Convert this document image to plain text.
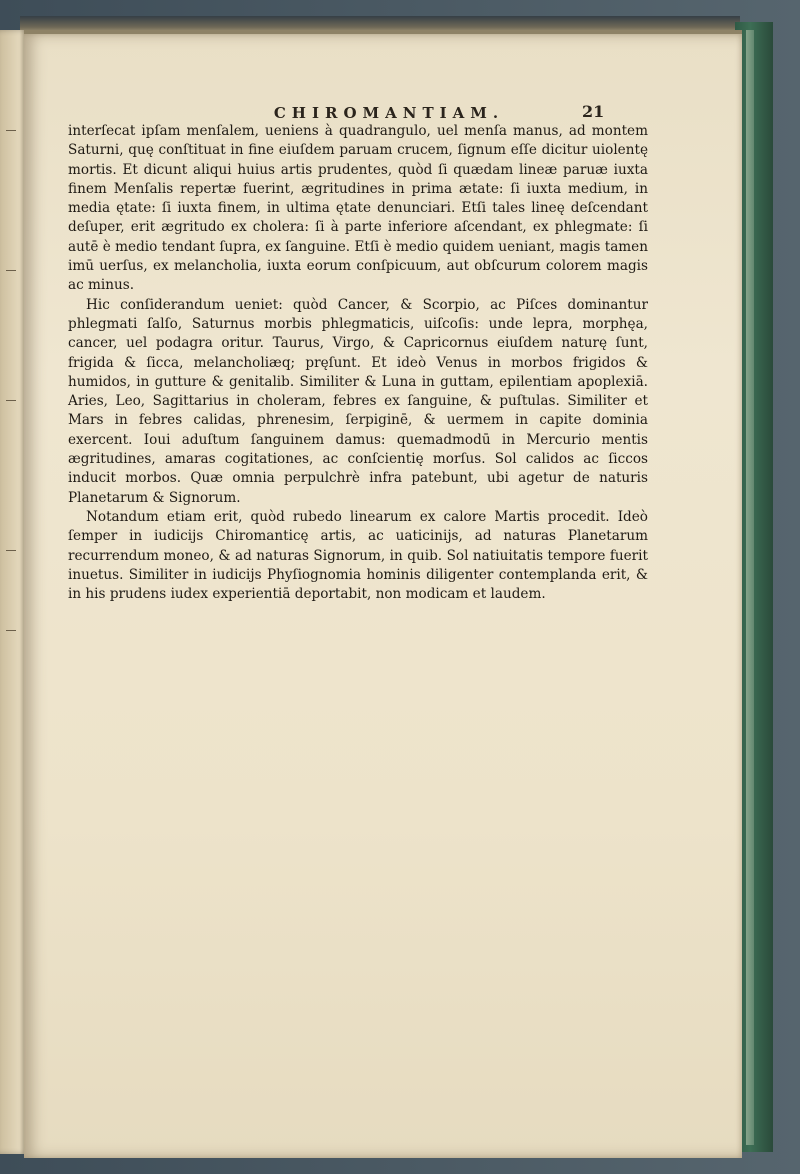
CHIROMANTIAM.	21

interſecat ipſam menſalem, ueniens à quadrangulo, uel menſa manus, ad montem Saturni, quę conſtituat in fine eiuſdem paruam crucem, ſignum eſſe dicitur uiolentę mortis. Et dicunt aliqui huius artis prudentes, quòd ſi quædam lineæ paruæ iuxta finem Menſalis repertæ fuerint, ægritudines in prima ætate: ſi iuxta medium, in media ętate: ſi iuxta finem, in ultima ętate denunciari. Etſi tales lineę deſcendant deſuper, erit ægritudo ex cholera: ſi à parte inferiore aſcendant, ex phlegmate: ſi autē è medio tendant ſupra, ex ſanguine. Etſi è medio quidem ueniant, magis tamen imū uerſus, ex melancholia, iuxta eorum conſpicuum, aut obſcurum colorem magis ac minus.

Hic conſiderandum ueniet: quòd Cancer, & Scorpio, ac Piſces dominantur phlegmati ſalſo, Saturnus morbis phlegmaticis, uiſcoſis: unde lepra, morphęa, cancer, uel podagra oritur. Taurus, Virgo, & Capricornus eiuſdem naturę ſunt, frigida & ſicca, melancholiæq; pręſunt. Et ideò Venus in morbos frigidos & humidos, in gutture & genitalib. Similiter & Luna in guttam, epilentiam apoplexiā. Aries, Leo, Sagittarius in choleram, febres ex ſanguine, & puſtulas. Similiter et Mars in febres calidas, phrenesim, ſerpiginē, & uermem in capite dominia exercent. Ioui aduſtum ſanguinem damus: quemadmodū in Mercurio mentis ægritudines, amaras cogitationes, ac conſcientię morſus. Sol calidos ac ſiccos inducit morbos. Quæ omnia perpulchrè infra patebunt, ubi agetur de naturis Planetarum & Signorum.

Notandum etiam erit, quòd rubedo linearum ex calore Martis procedit. Ideò ſemper in iudicijs Chiromanticę artis, ac uaticinijs, ad naturas Planetarum recurrendum moneo, & ad naturas Signorum, in quib. Sol natiuitatis tempore fuerit inuetus. Similiter in iudicijs Phyſiognomia hominis diligenter contemplanda erit, & in his prudens iudex experientiā deportabit, non modicam et laudem.
